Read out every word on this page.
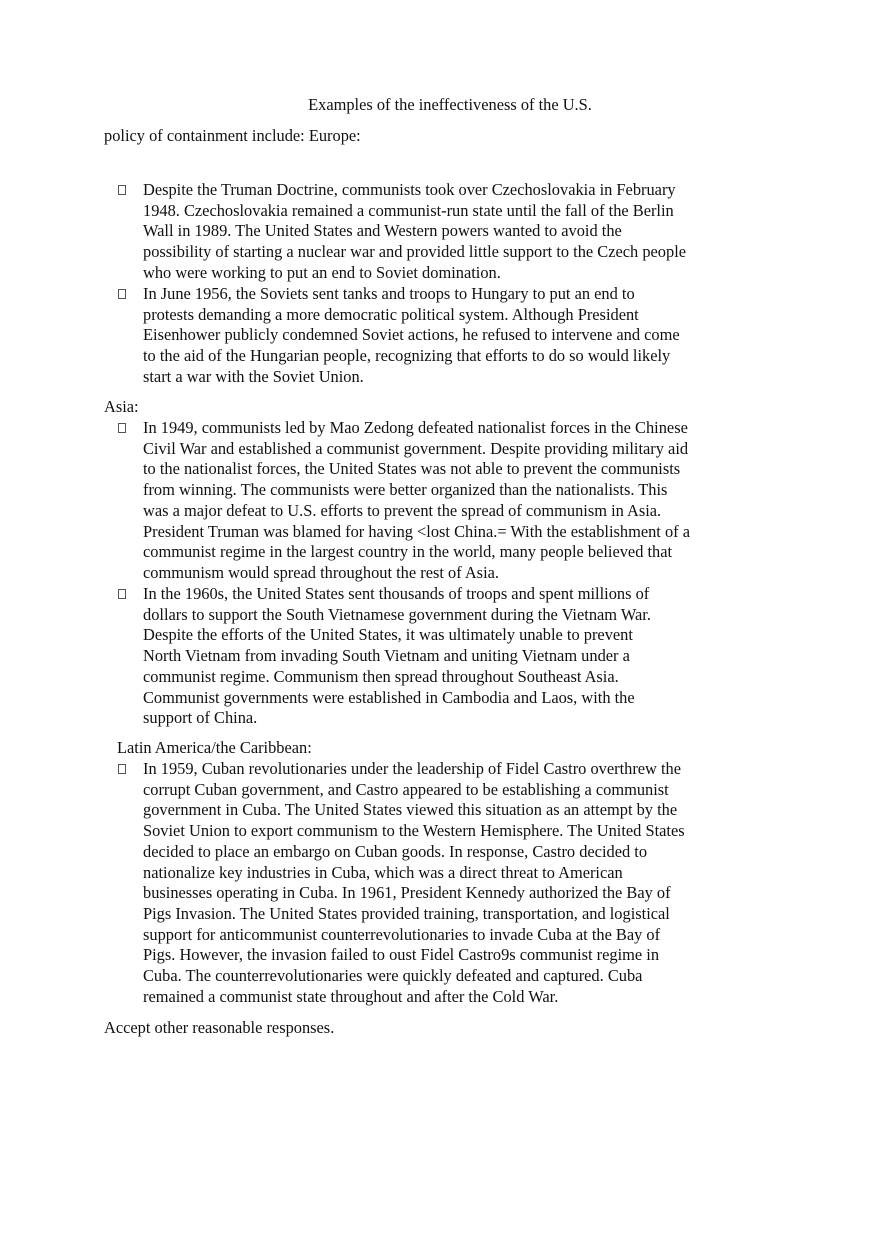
Examples of the ineffectiveness of the U.S.
policy of containment include: Europe:
Despite the Truman Doctrine, communists took over Czechoslovakia in February
1948. Czechoslovakia remained a communist-run state until the fall of the Berlin
Wall in 1989. The United States and Western powers wanted to avoid the
possibility of starting a nuclear war and provided little support to the Czech people
who were working to put an end to Soviet domination.
In June 1956, the Soviets sent tanks and troops to Hungary to put an end to
protests demanding a more democratic political system. Although President
Eisenhower publicly condemned Soviet actions, he refused to intervene and come
to the aid of the Hungarian people, recognizing that efforts to do so would likely
start a war with the Soviet Union.
Asia:
In 1949, communists led by Mao Zedong defeated nationalist forces in the Chinese
Civil War and established a communist government. Despite providing military aid
to the nationalist forces, the United States was not able to prevent the communists
from winning. The communists were better organized than the nationalists. This
was a major defeat to U.S. efforts to prevent the spread of communism in Asia.
President Truman was blamed for having <lost China.= With the establishment of a
communist regime in the largest country in the world, many people believed that
communism would spread throughout the rest of Asia.
In the 1960s, the United States sent thousands of troops and spent millions of
dollars to support the South Vietnamese government during the Vietnam War.
Despite the efforts of the United States, it was ultimately unable to prevent
North Vietnam from invading South Vietnam and uniting Vietnam under a
communist regime. Communism then spread throughout Southeast Asia.
Communist governments were established in Cambodia and Laos, with the
support of China.
Latin America/the Caribbean:
In 1959, Cuban revolutionaries under the leadership of Fidel Castro overthrew the
corrupt Cuban government, and Castro appeared to be establishing a communist
government in Cuba. The United States viewed this situation as an attempt by the
Soviet Union to export communism to the Western Hemisphere. The United States
decided to place an embargo on Cuban goods. In response, Castro decided to
nationalize key industries in Cuba, which was a direct threat to American
businesses operating in Cuba. In 1961, President Kennedy authorized the Bay of
Pigs Invasion. The United States provided training, transportation, and logistical
support for anticommunist counterrevolutionaries to invade Cuba at the Bay of
Pigs. However, the invasion failed to oust Fidel Castro9s communist regime in
Cuba. The counterrevolutionaries were quickly defeated and captured. Cuba
remained a communist state throughout and after the Cold War.
Accept other reasonable responses.
